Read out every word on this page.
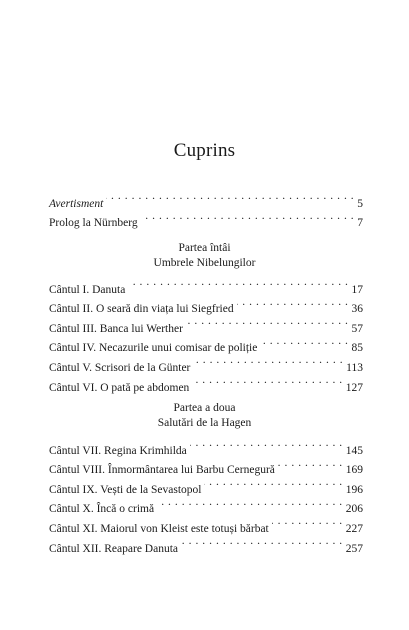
Cuprins
Avertisment . . .	5
Prolog la Nürnberg . . .	7
Partea întâi
Umbrele Nibelungilor
Cântul I. Danuta . . .	17
Cântul II. O seară din viața lui Siegfried . . .	36
Cântul III. Banca lui Werther . . .	57
Cântul IV. Necazurile unui comisar de poliție . . .	85
Cântul V. Scrisori de la Günter . . .	113
Cântul VI. O pată pe abdomen . . .	127
Partea a doua
Salutări de la Hagen
Cântul VII. Regina Krimhilda . . .	145
Cântul VIII. Înmormântarea lui Barbu Cernegură . . .	169
Cântul IX. Vești de la Sevastopol . . .	196
Cântul X. Încă o crimă . . .	206
Cântul XI. Maiorul von Kleist este totuși bărbat . . .	227
Cântul XII. Reapare Danuta . . .	257
